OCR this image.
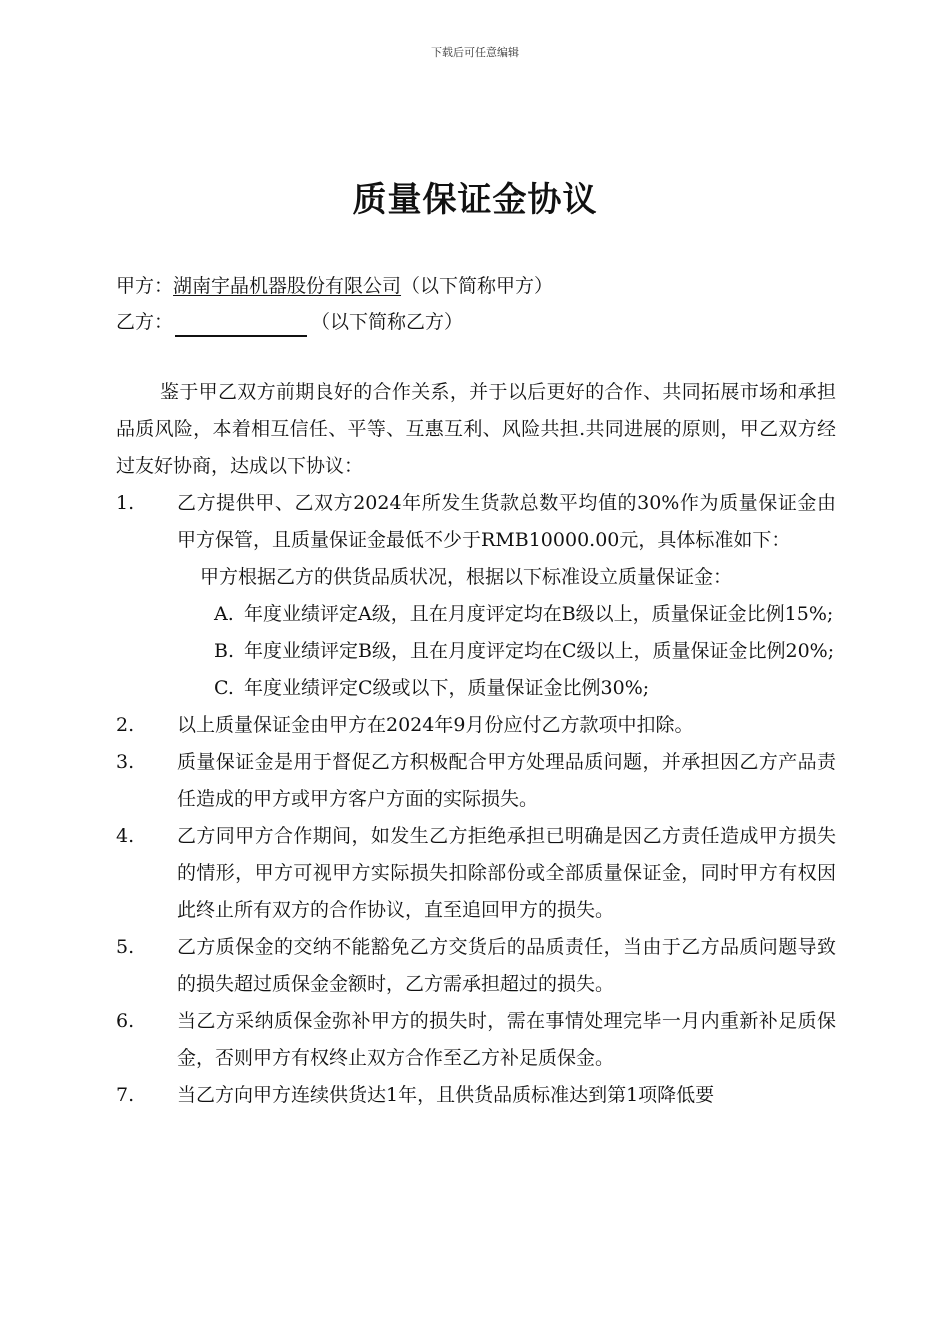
下载后可任意编辑
质量保证金协议
甲方：湖南宇晶机器股份有限公司（以下简称甲方）
乙方：	（以下简称乙方）
鉴于甲乙双方前期良好的合作关系，并于以后更好的合作、共同拓展市场和承担品质风险，本着相互信任、平等、互惠互利、风险共担.共同进展的原则，甲乙双方经过友好协商，达成以下协议：
1.	乙方提供甲、乙双方2024年所发生货款总数平均值的30%作为质量保证金由甲方保管，且质量保证金最低不少于RMB10000.00元，具体标准如下：
甲方根据乙方的供货品质状况，根据以下标准设立质量保证金：
A. 年度业绩评定A级，且在月度评定均在B级以上，质量保证金比例15%;
B. 年度业绩评定B级，且在月度评定均在C级以上，质量保证金比例20%;
C. 年度业绩评定C级或以下，质量保证金比例30%;
2.	以上质量保证金由甲方在2024年9月份应付乙方款项中扣除。
3.	质量保证金是用于督促乙方积极配合甲方处理品质问题，并承担因乙方产品责任造成的甲方或甲方客户方面的实际损失。
4.	乙方同甲方合作期间，如发生乙方拒绝承担已明确是因乙方责任造成甲方损失的情形，甲方可视甲方实际损失扣除部份或全部质量保证金，同时甲方有权因此终止所有双方的合作协议，直至追回甲方的损失。
5.	乙方质保金的交纳不能豁免乙方交货后的品质责任，当由于乙方品质问题导致的损失超过质保金金额时，乙方需承担超过的损失。
6.	当乙方采纳质保金弥补甲方的损失时，需在事情处理完毕一月内重新补足质保金，否则甲方有权终止双方合作至乙方补足质保金。
7.	当乙方向甲方连续供货达1年，且供货品质标准达到第1项降低要
